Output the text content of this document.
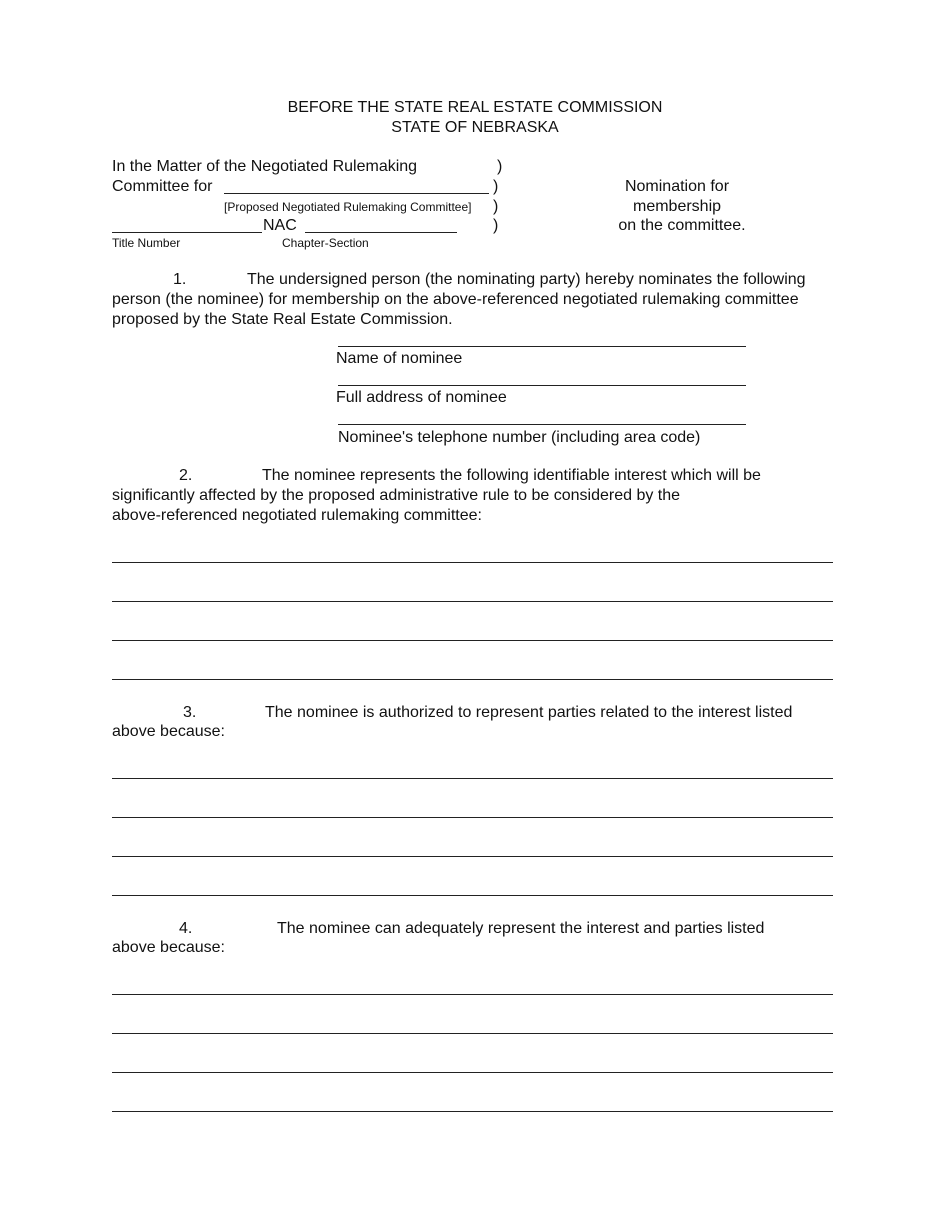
BEFORE THE STATE REAL ESTATE COMMISSION
STATE OF NEBRASKA
In the Matter of the Negotiated Rulemaking	)
Committee for	)
[Proposed Negotiated Rulemaking Committee] )
NAC	)
Title Number	Chapter-Section
Nomination for
membership
on the committee.
1.	The undersigned person (the nominating party) hereby nominates the following
person (the nominee) for membership on the above-referenced negotiated rulemaking committee
proposed by the State Real Estate Commission.
Name of nominee
Full address of nominee
Nominee's telephone number (including area code)
2.	The nominee represents the following identifiable interest which will be
significantly affected by the proposed administrative rule to be considered by the
above-referenced negotiated rulemaking committee:
3.	The nominee is authorized to represent parties related to the interest listed
above because:
4.	The nominee can adequately represent the interest and parties listed
above because:
